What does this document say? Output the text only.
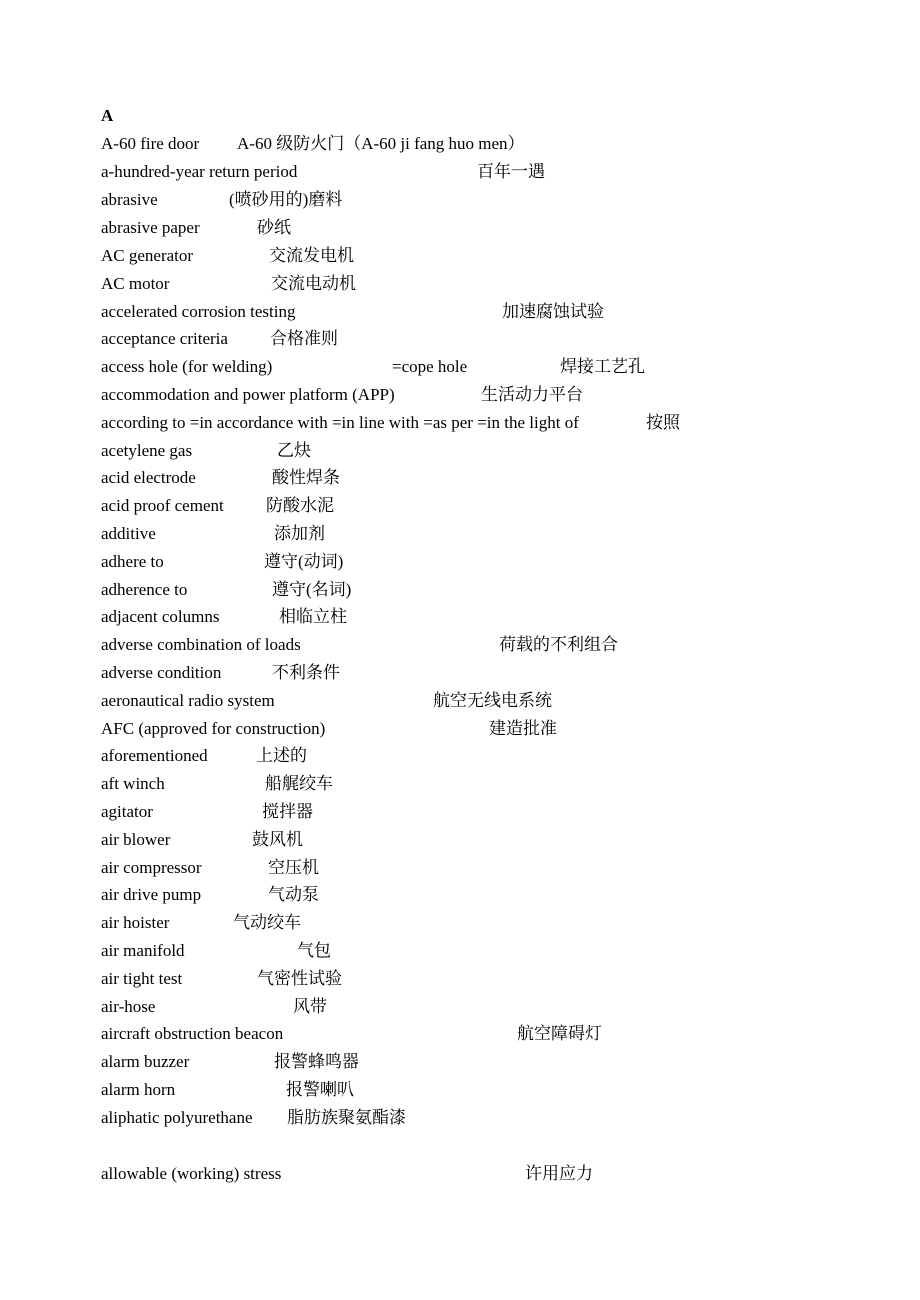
A
A-60 fire door A-60 级防火门（A-60 ji fang huo men）
a-hundred-year return period	百年一遇
abrasive	(喷砂用的)磨料
abrasive paper	砂纸
AC generator	交流发电机
AC motor	交流电动机
accelerated corrosion testing	加速腐蚀试验
acceptance criteria 合格准则
access hole (for welding)	=cope hole	焊接工艺孔
accommodation and power platform (APP)	生活动力平台
according to =in accordance with =in line with =as per =in the light of	按照
acetylene gas	乙炔
acid electrode	酸性焊条
acid proof cement 防酸水泥
additive	添加剂
adhere to	遵守(动词)
adherence to	遵守(名词)
adjacent columns	相临立柱
adverse combination of loads	荷载的不利组合
adverse condition	不利条件
aeronautical radio system	航空无线电系统
AFC (approved for construction)	建造批准
aforementioned	上述的
aft winch	船艉绞车
agitator	搅拌器
air blower	鼓风机
air compressor	空压机
air drive pump	气动泵
air hoister	气动绞车
air manifold	气包
air tight test	气密性试验
air-hose	风带
aircraft obstruction beacon	航空障碍灯
alarm buzzer	报警蜂鸣器
alarm horn	报警喇叭
aliphatic polyurethane 脂肪族聚氨酯漆
allowable (working) stress	许用应力
